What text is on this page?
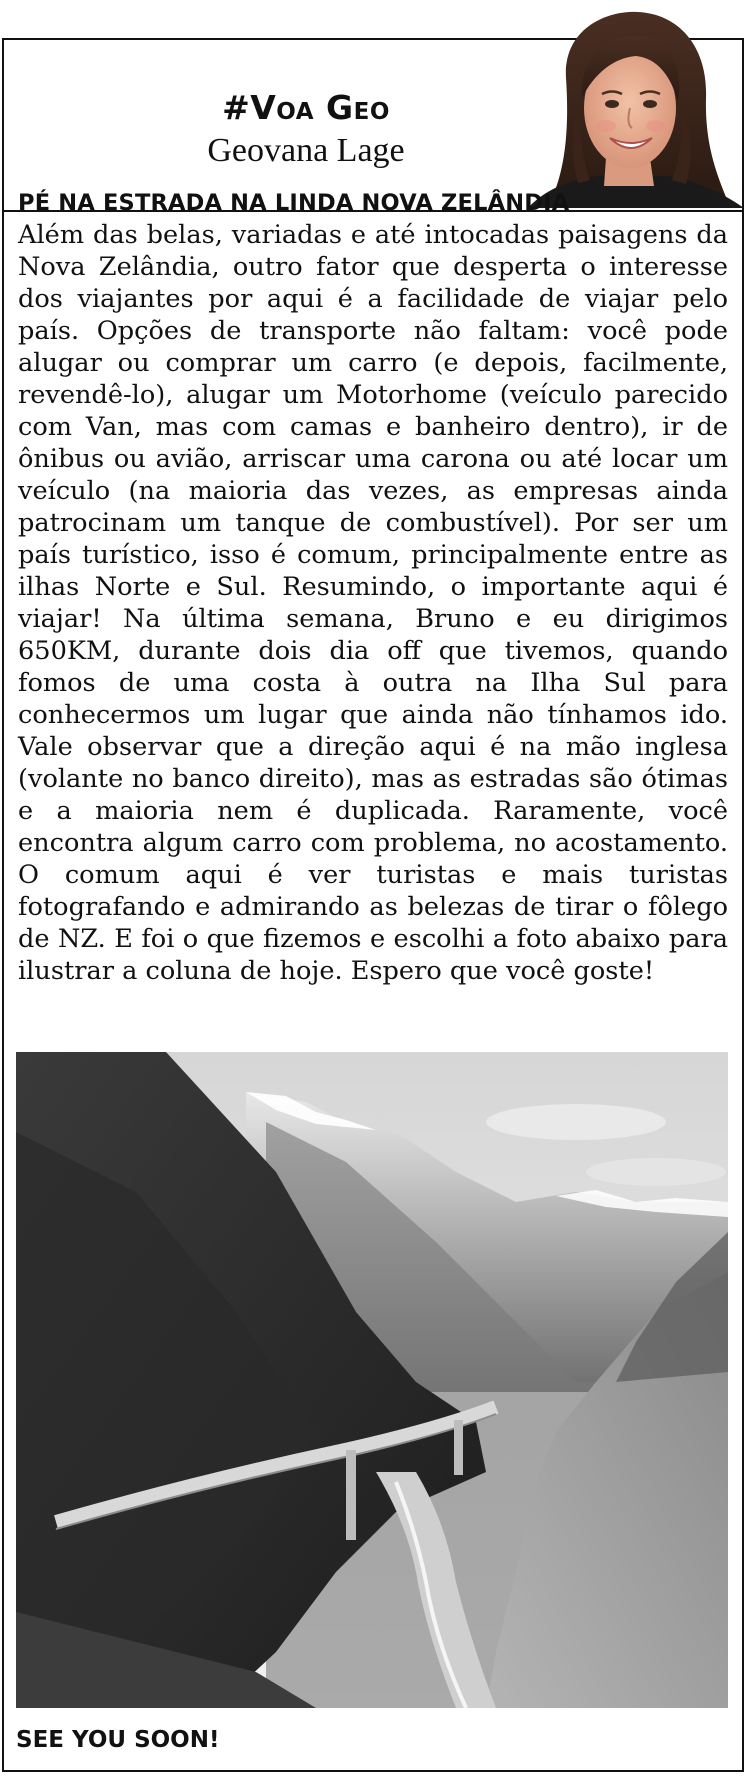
#Voa Geo
Geovana Lage
PÉ NA ESTRADA NA LINDA NOVA ZELÂNDIA

Além das belas, variadas e até intocadas paisagens da Nova Zelândia, outro fator que desperta o interesse dos viajantes por aqui é a facilidade de viajar pelo país. Opções de transporte não faltam: você pode alugar ou comprar um carro (e depois, facilmente, revendê-lo), alugar um Motorhome (veículo parecido com Van, mas com camas e banheiro dentro), ir de ônibus ou avião, arriscar uma carona ou até locar um veículo (na maioria das vezes, as empresas ainda patrocinam um tanque de combustível). Por ser um país turístico, isso é comum, principalmente entre as ilhas Norte e Sul. Resumindo, o importante aqui é viajar! Na última semana, Bruno e eu dirigimos 650KM, durante dois dia off que tivemos, quando fomos de uma costa à outra na Ilha Sul para conhecermos um lugar que ainda não tínhamos ido. Vale observar que a direção aqui é na mão inglesa (volante no banco direito), mas as estradas são ótimas e a maioria nem é duplicada. Raramente, você encontra algum carro com problema, no acostamento. O comum aqui é ver turistas e mais turistas fotografando e admirando as belezas de tirar o fôlego de NZ. E foi o que fizemos e escolhi a foto abaixo para ilustrar a coluna de hoje. Espero que você goste!

SEE YOU SOON!
